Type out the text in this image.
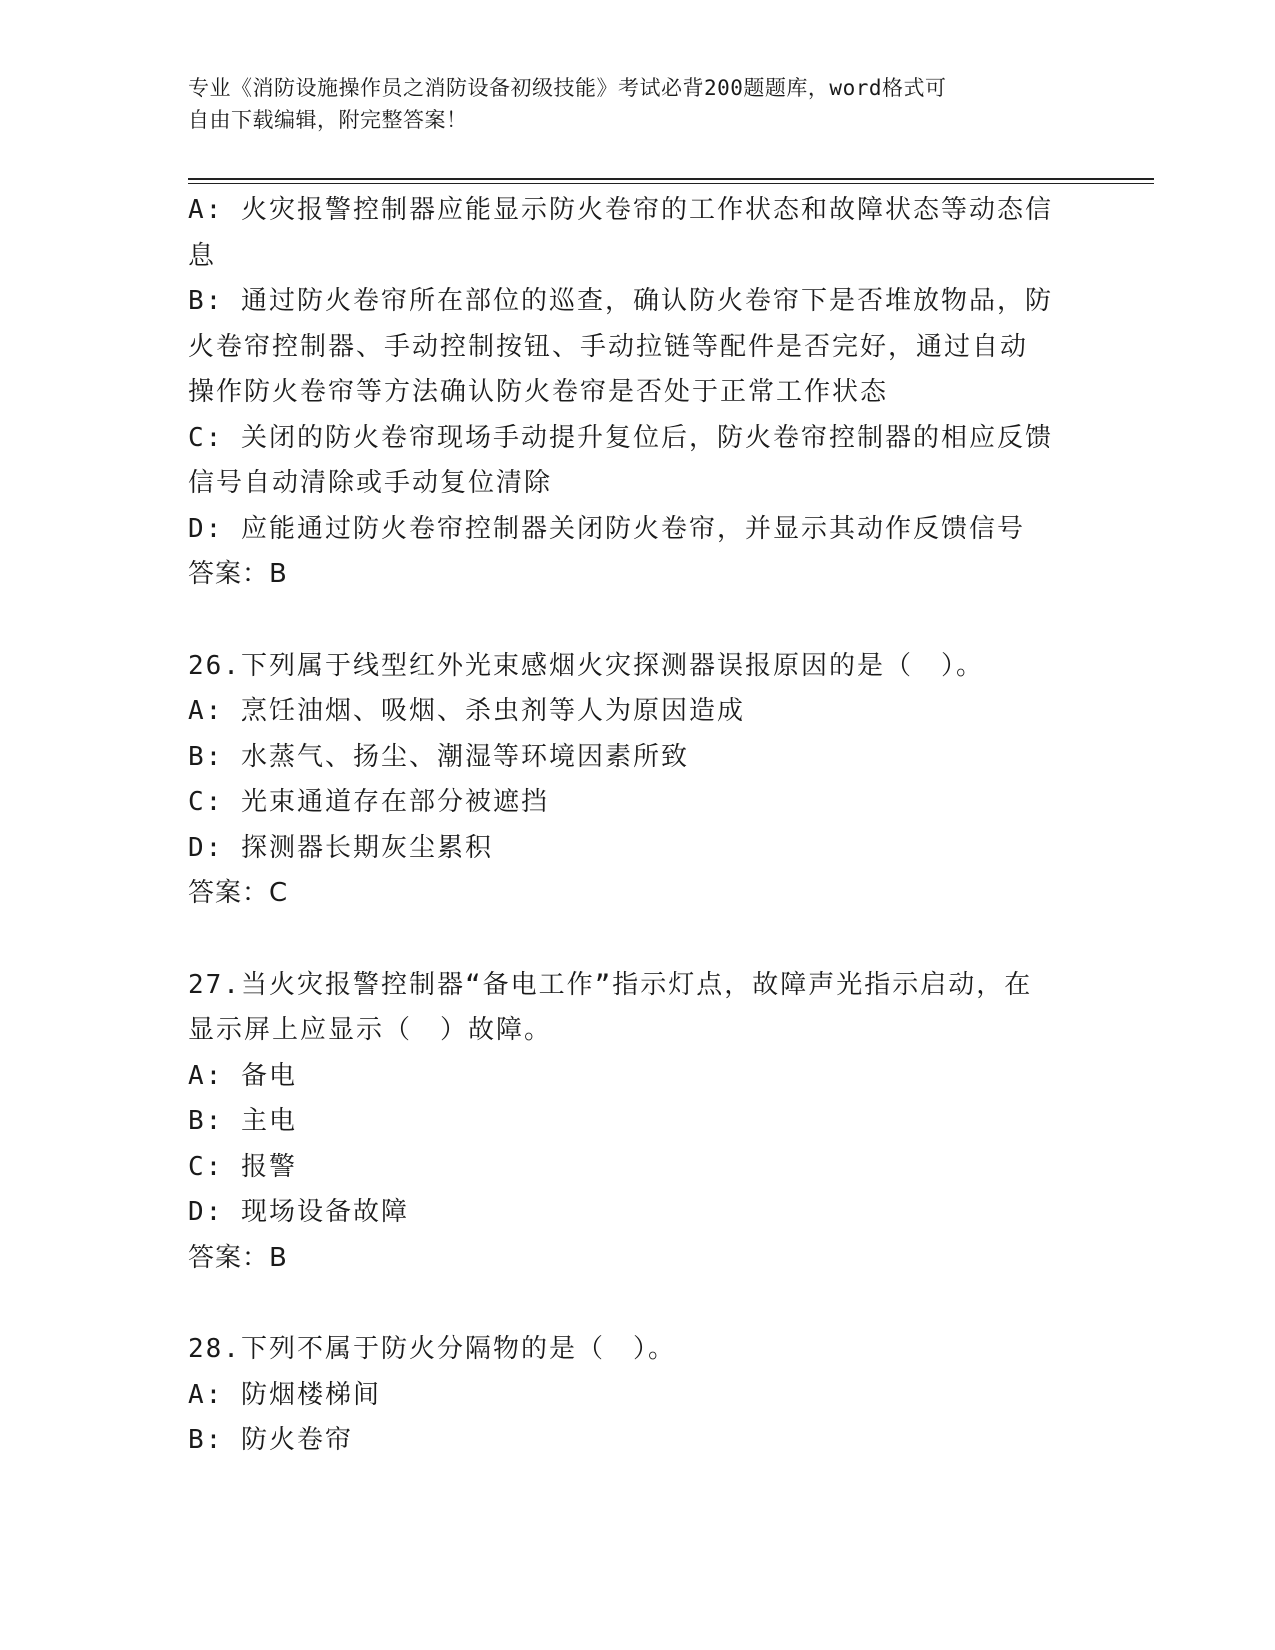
专业《消防设施操作员之消防设备初级技能》考试必背200题题库，word格式可
自由下载编辑，附完整答案！
A: 火灾报警控制器应能显示防火卷帘的工作状态和故障状态等动态信
息
B: 通过防火卷帘所在部位的巡查，确认防火卷帘下是否堆放物品，防
火卷帘控制器、手动控制按钮、手动拉链等配件是否完好，通过自动
操作防火卷帘等方法确认防火卷帘是否处于正常工作状态
C: 关闭的防火卷帘现场手动提升复位后，防火卷帘控制器的相应反馈
信号自动清除或手动复位清除
D: 应能通过防火卷帘控制器关闭防火卷帘，并显示其动作反馈信号
答案：B
26.下列属于线型红外光束感烟火灾探测器误报原因的是（　）。
A: 烹饪油烟、吸烟、杀虫剂等人为原因造成
B: 水蒸气、扬尘、潮湿等环境因素所致
C: 光束通道存在部分被遮挡
D: 探测器长期灰尘累积
答案：C
27.当火灾报警控制器“备电工作”指示灯点，故障声光指示启动，在
显示屏上应显示（　）故障。
A: 备电
B: 主电
C: 报警
D: 现场设备故障
答案：B
28.下列不属于防火分隔物的是（　）。
A: 防烟楼梯间
B: 防火卷帘
